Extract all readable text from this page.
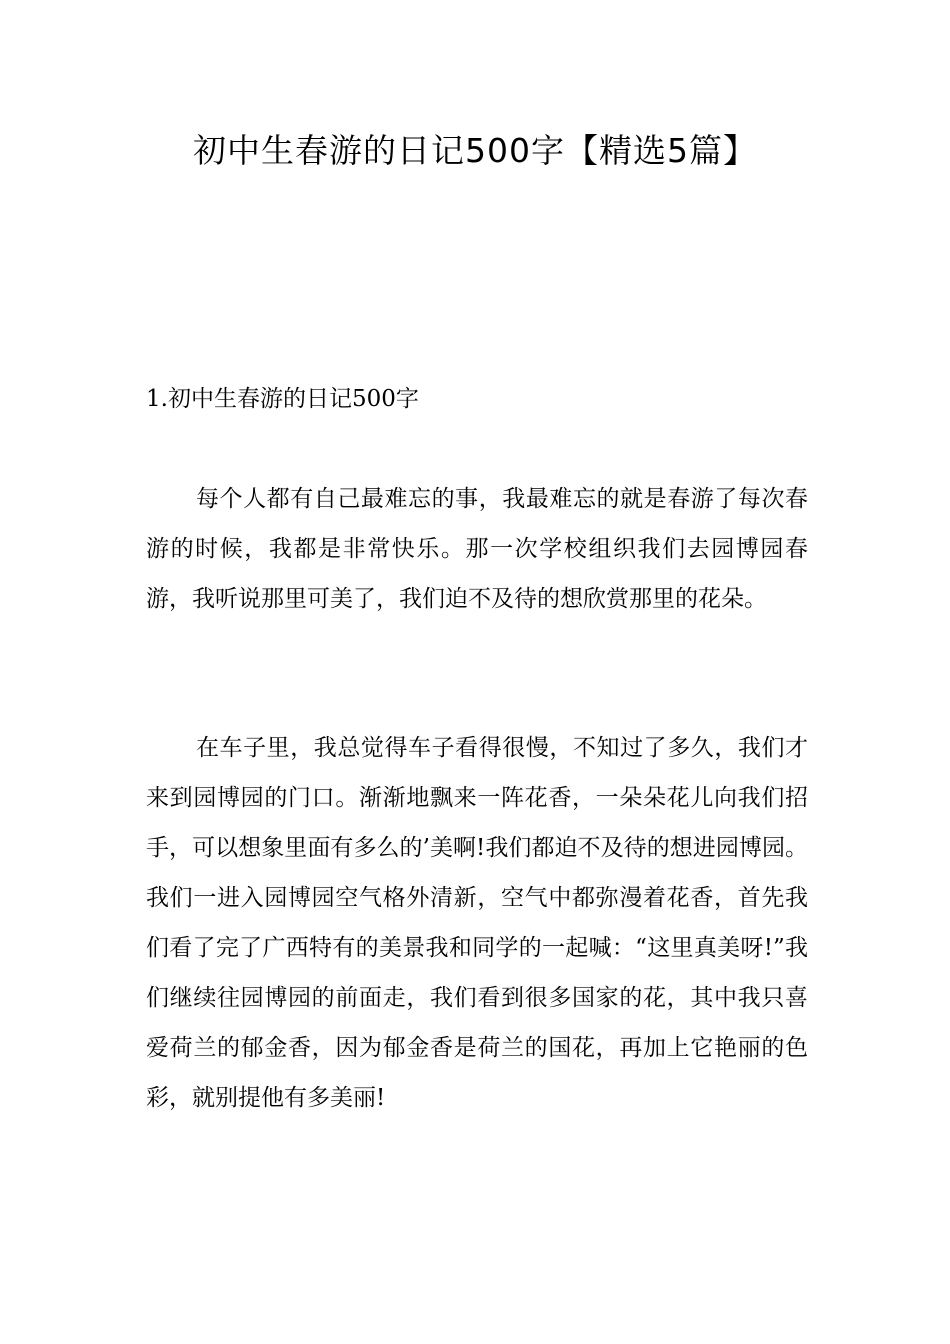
初中生春游的日记500字【精选5篇】
1.初中生春游的日记500字

每个人都有自己最难忘的事，我最难忘的就是春游了每次春游的时候，我都是非常快乐。那一次学校组织我们去园博园春游，我听说那里可美了，我们迫不及待的想欣赏那里的花朵。

在车子里，我总觉得车子看得很慢，不知过了多久，我们才来到园博园的门口。渐渐地飘来一阵花香，一朵朵花儿向我们招手，可以想象里面有多么的’美啊!我们都迫不及待的想进园博园。我们一进入园博园空气格外清新，空气中都弥漫着花香，首先我们看了完了广西特有的美景我和同学的一起喊：“这里真美呀!”我们继续往园博园的前面走，我们看到很多国家的花，其中我只喜爱荷兰的郁金香，因为郁金香是荷兰的国花，再加上它艳丽的色彩，就别提他有多美丽!
